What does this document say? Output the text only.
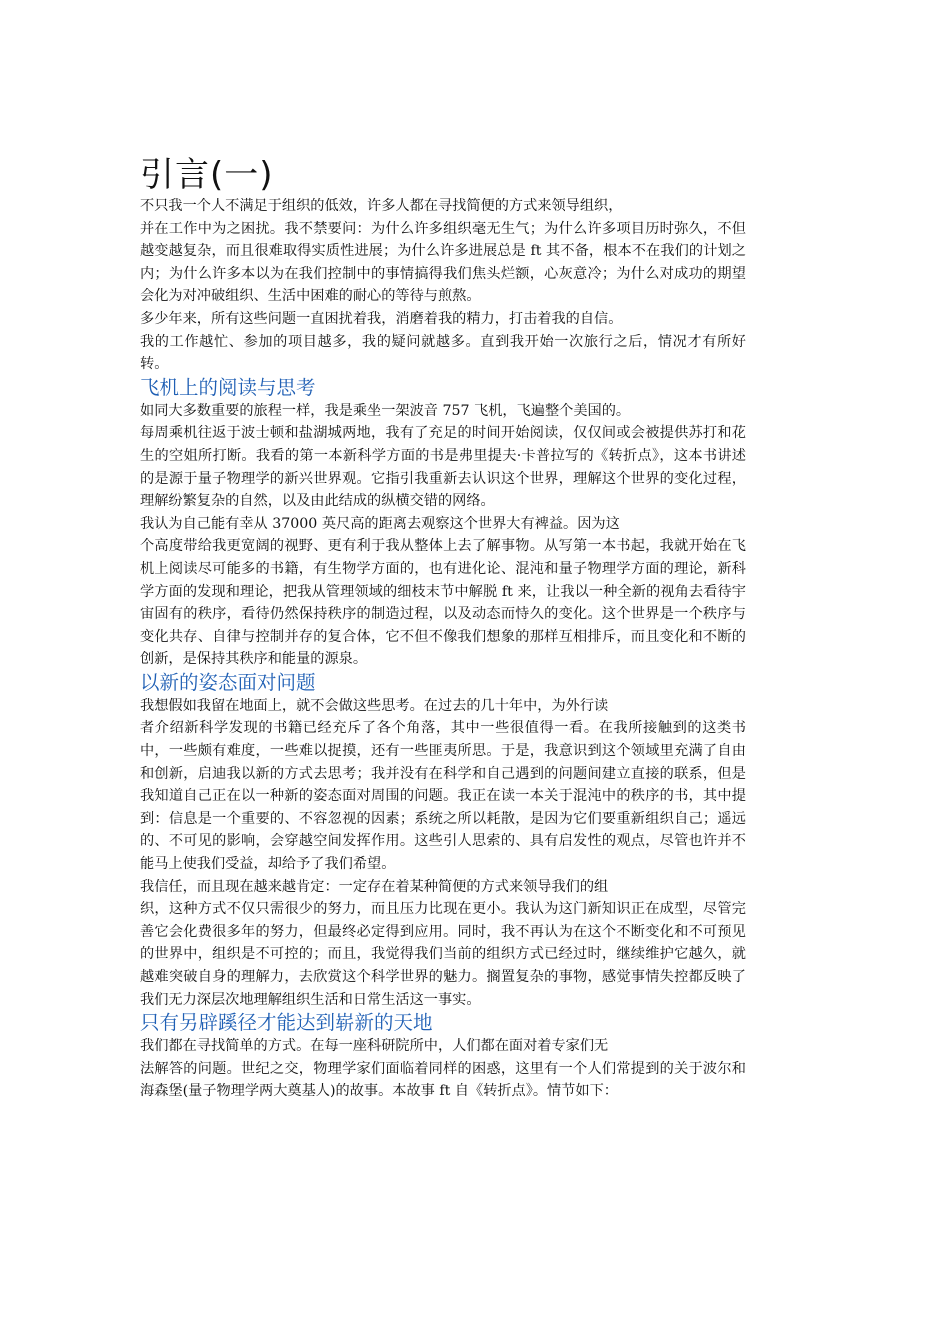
引言(一)

不只我一个人不满足于组织的低效，许多人都在寻找简便的方式来领导组织，

并在工作中为之困扰。我不禁要问：为什么许多组织毫无生气；为什么许多项目历时弥久，不但越变越复杂，而且很难取得实质性进展；为什么许多进展总是 ft 其不备，根本不在我们的计划之内；为什么许多本以为在我们控制中的事情搞得我们焦头烂额，心灰意冷；为什么对成功的期望会化为对冲破组织、生活中困难的耐心的等待与煎熬。

多少年来，所有这些问题一直困扰着我，消磨着我的精力，打击着我的自信。

我的工作越忙、参加的项目越多，我的疑问就越多。直到我开始一次旅行之后，情况才有所好转。

飞机上的阅读与思考

如同大多数重要的旅程一样，我是乘坐一架波音 757 飞机，飞遍整个美国的。

每周乘机往返于波士顿和盐湖城两地，我有了充足的时间开始阅读，仅仅间或会被提供苏打和花生的空姐所打断。我看的第一本新科学方面的书是弗里提夫·卡普拉写的《转折点》，这本书讲述的是源于量子物理学的新兴世界观。它指引我重新去认识这个世界，理解这个世界的变化过程，理解纷繁复杂的自然，以及由此结成的纵横交错的网络。

我认为自己能有幸从 37000 英尺高的距离去观察这个世界大有裨益。因为这

个高度带给我更宽阔的视野、更有利于我从整体上去了解事物。从写第一本书起，我就开始在飞机上阅读尽可能多的书籍，有生物学方面的，也有进化论、混沌和量子物理学方面的理论，新科学方面的发现和理论，把我从管理领域的细枝末节中解脱 ft 来，让我以一种全新的视角去看待宇宙固有的秩序，看待仍然保持秩序的制造过程，以及动态而恃久的变化。这个世界是一个秩序与变化共存、自律与控制并存的复合体，它不但不像我们想象的那样互相排斥，而且变化和不断的创新，是保持其秩序和能量的源泉。

以新的姿态面对问题

我想假如我留在地面上，就不会做这些思考。在过去的几十年中，为外行读

者介绍新科学发现的书籍已经充斥了各个角落，其中一些很值得一看。在我所接触到的这类书中，一些颇有难度，一些难以捉摸，还有一些匪夷所思。于是，我意识到这个领域里充满了自由和创新，启迪我以新的方式去思考；我并没有在科学和自己遇到的问题间建立直接的联系，但是我知道自己正在以一种新的姿态面对周围的问题。我正在读一本关于混沌中的秩序的书，其中提到：信息是一个重要的、不容忽视的因素；系统之所以耗散，是因为它们要重新组织自己；遥远的、不可见的影响，会穿越空间发挥作用。这些引人思索的、具有启发性的观点，尽管也许并不能马上使我们受益，却给予了我们希望。

我信任，而且现在越来越肯定：一定存在着某种简便的方式来领导我们的组

织，这种方式不仅只需很少的努力，而且压力比现在更小。我认为这门新知识正在成型，尽管完善它会化费很多年的努力，但最终必定得到应用。同时，我不再认为在这个不断变化和不可预见的世界中，组织是不可控的；而且，我觉得我们当前的组织方式已经过时，继续维护它越久，就越难突破自身的理解力，去欣赏这个科学世界的魅力。搁置复杂的事物，感觉事情失控都反映了我们无力深层次地理解组织生活和日常生活这一事实。

只有另辟蹊径才能达到崭新的天地

我们都在寻找简单的方式。在每一座科研院所中，人们都在面对着专家们无

法解答的问题。世纪之交，物理学家们面临着同样的困惑，这里有一个人们常提到的关于波尔和海森堡(量子物理学两大奠基人)的故事。本故事 ft 自《转折点》。情节如下：
